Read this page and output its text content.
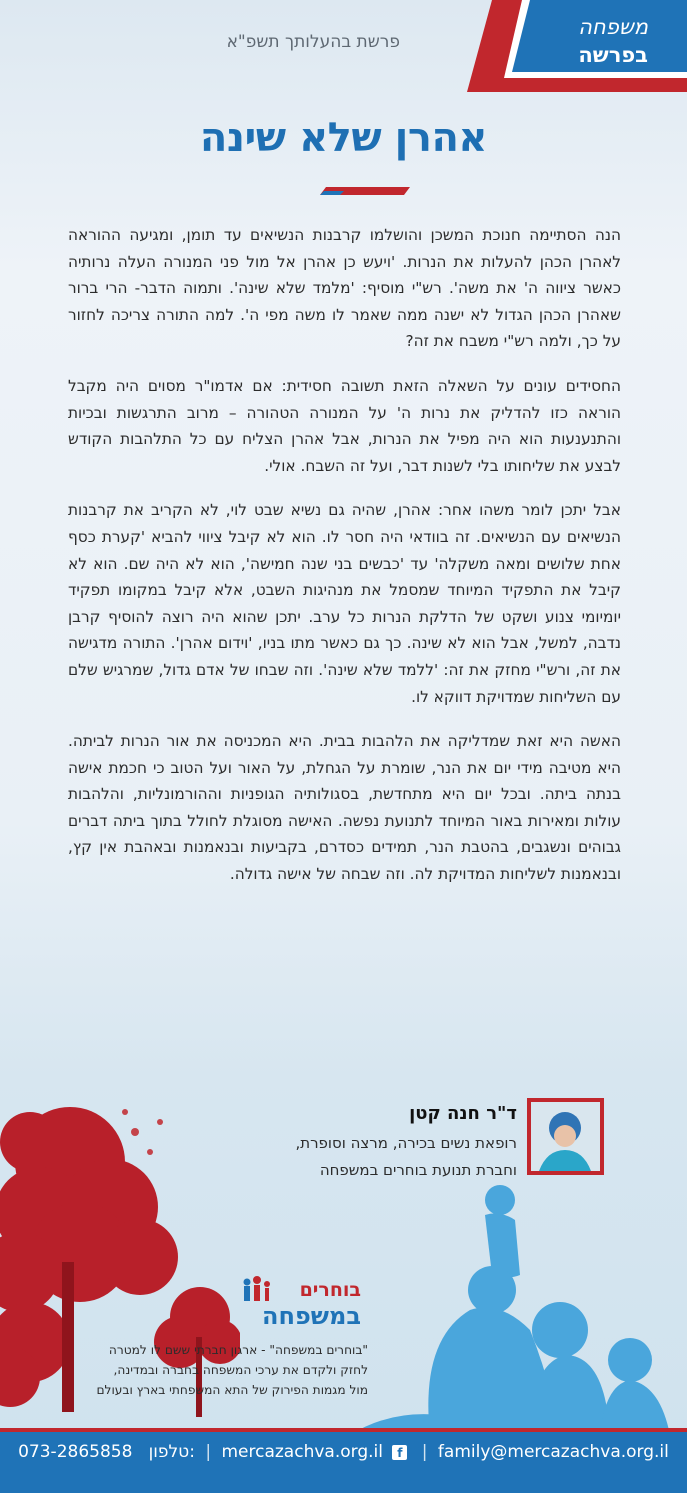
פרשת בהעלותך תשפ"א
משפחה
בפרשה
אהרן שלא שינה

הנה הסתיימה חנוכת המשכן והושלמו קרבנות הנשיאים עד תומן, ומגיעה ההוראה לאהרן הכהן להעלות את הנרות. 'ויעש כן אהרן אל מול פני המנורה העלה נרותיה כאשר ציווה ה' את משה'. רש"י מוסיף: 'מלמד שלא שינה'. ותמוה הדבר- הרי ברור שאהרן הכהן הגדול לא ישנה ממה שאמר לו משה מפי ה'. למה התורה צריכה לחזור על כך, ולמה רש"י משבח את זה?

החסידים עונים על השאלה הזאת תשובה חסידית: אם אדמו"ר מסוים היה מקבל הוראה כזו להדליק את נרות ה' על המנורה הטהורה – מרוב התרגשות ובכיות והתנענעות הוא היה מפיל את הנרות, אבל אהרן הצליח עם כל התלהבות הקודש לבצע את שליחותו בלי לשנות דבר, ועל זה השבח. אולי.

אבל יתכן לומר משהו אחר: אהרן, שהיה גם נשיא שבט לוי, לא הקריב את קרבנות הנשיאים עם הנשיאים. זה בוודאי היה חסר לו. הוא לא קיבל ציווי להביא 'קערת כסף אחת שלושים ומאה משקלה' עד 'כבשים בני שנה חמישה', הוא לא היה שם. הוא לא קיבל את התפקיד המיוחד שמסמל את מנהיגות השבט, אלא קיבל במקומו תפקיד יומיומי צנוע ושקט של הדלקת הנרות כל ערב. יתכן שהוא היה רוצה להוסיף קרבן נדבה, למשל, אבל הוא לא שינה. כך גם כאשר מתו בניו, 'וידום אהרן'. התורה מדגישה את זה, ורש"י מחזק את זה: 'ללמד שלא שינה'. וזה שבחו של אדם גדול, שמרגיש שלם עם השליחות שמדויקת דווקא לו.

האשה היא זאת שמדליקה את הלהבות בבית. היא המכניסה את אור הנרות לביתה. היא מטיבה מידי יום את הנר, שומרת על הגחלת, על האור ועל הטוב כי חכמת אישה בנתה ביתה. ובכל יום היא מתחדשת, בסגולותיה הגופניות וההורמונליות, והלהבות עולות ומאירות באור המיוחד לתנועת נפשה. האישה מסוגלת לחולל בתוך ביתה דברים גבוהים ונשגבים, בהטבת הנר, תמידים כסדרם, בקביעות ובנאמנות ובאהבת אין קץ, ובנאמנות לשליחות המדויקת לה. וזה שבחה של אישה גדולה.

ד"ר חנה קטן
רופאת נשים בכירה, מרצה וסופרת,
וחברת תנועת בוחרים במשפחה
בוחרים
במשפחה
"בוחרים במשפחה" - ארגון חברתי ששם לו למטרה
לחזק ולקדם את ערכי המשפחה בחברה ובמדינה,
מול מגמות הפירוק של התא המשפחתי בארץ ובעולם
073-2865858 טלפון: | mercazachva.org.il f | family@mercazachva.org.il
